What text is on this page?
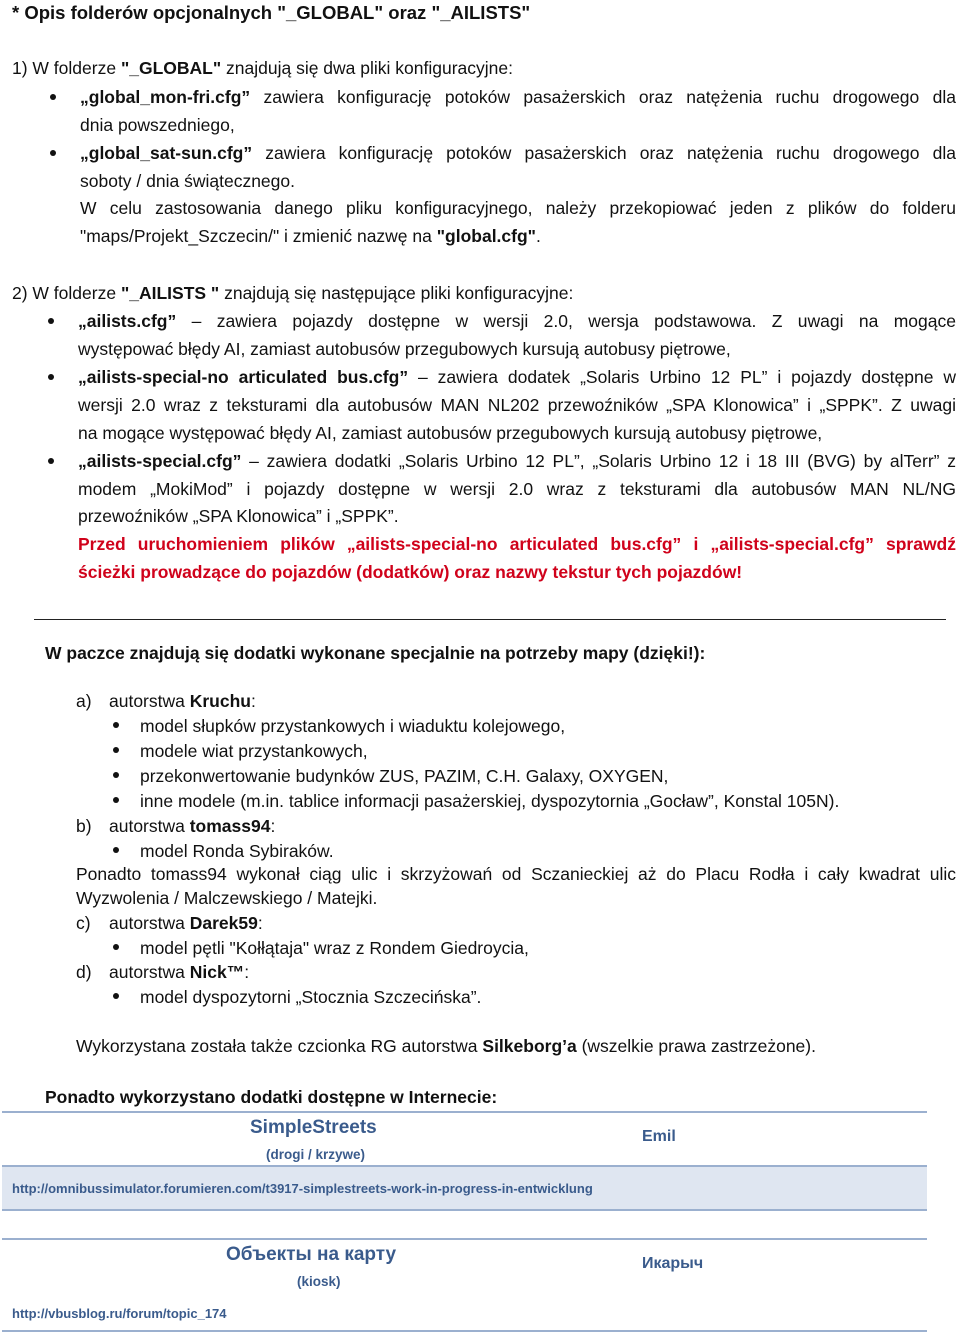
* Opis folderów opcjonalnych "_GLOBAL" oraz "_AILISTS"
1) W folderze "_GLOBAL" znajdują się dwa pliki konfiguracyjne:
„global_mon-fri.cfg” zawiera konfigurację potoków pasażerskich oraz natężenia ruchu drogowego dla
dnia powszedniego,
„global_sat-sun.cfg” zawiera konfigurację potoków pasażerskich oraz natężenia ruchu drogowego dla
soboty / dnia świątecznego.
W celu zastosowania danego pliku konfiguracyjnego, należy przekopiować jeden z plików do folderu
"maps/Projekt_Szczecin/" i zmienić nazwę na "global.cfg".
2) W folderze "_AILISTS " znajdują się następujące pliki konfiguracyjne:
„ailists.cfg” – zawiera pojazdy dostępne w wersji 2.0, wersja podstawowa. Z uwagi na mogące
występować błędy AI, zamiast autobusów przegubowych kursują autobusy piętrowe,
„ailists-special-no articulated bus.cfg” – zawiera dodatek „Solaris Urbino 12 PL” i pojazdy dostępne w
wersji 2.0 wraz z teksturami dla autobusów MAN NL202 przewoźników „SPA Klonowica” i „SPPK”. Z uwagi
na mogące występować błędy AI, zamiast autobusów przegubowych kursują autobusy piętrowe,
„ailists-special.cfg” – zawiera dodatki „Solaris Urbino 12 PL”, „Solaris Urbino 12 i 18 III (BVG) by alTerr” z
modem „MokiMod” i pojazdy dostępne w wersji 2.0 wraz z teksturami dla autobusów MAN NL/NG
przewoźników „SPA Klonowica” i „SPPK”.
Przed uruchomieniem plików „ailists-special-no articulated bus.cfg” i „ailists-special.cfg” sprawdź
ścieżki prowadzące do pojazdów (dodatków) oraz nazwy tekstur tych pojazdów!
W paczce znajdują się dodatki wykonane specjalnie na potrzeby mapy (dzięki!):
a) autorstwa Kruchu:
model słupków przystankowych i wiaduktu kolejowego,
modele wiat przystankowych,
przekonwertowanie budynków ZUS, PAZIM, C.H. Galaxy, OXYGEN,
inne modele (m.in. tablice informacji pasażerskiej, dyspozytornia „Gocław”, Konstal 105N).
b) autorstwa tomass94:
model Ronda Sybiraków.
Ponadto tomass94 wykonał ciąg ulic i skrzyżowań od Sczanieckiej aż do Placu Rodła i cały kwadrat ulic
Wyzwolenia / Malczewskiego / Matejki.
c) autorstwa Darek59:
model pętli "Kołłątaja" wraz z Rondem Giedroycia,
d) autorstwa Nick™:
model dyspozytorni „Stocznia Szczecińska”.
Wykorzystana została także czcionka RG autorstwa Silkeborg’a (wszelkie prawa zastrzeżone).
Ponadto wykorzystano dodatki dostępne w Internecie:
SimpleStreets
(drogi / krzywe)
Emil
http://omnibussimulator.forumieren.com/t3917-simplestreets-work-in-progress-in-entwicklung
Объекты на карту
(kiosk)
Икарыч
http://vbusblog.ru/forum/topic_174
